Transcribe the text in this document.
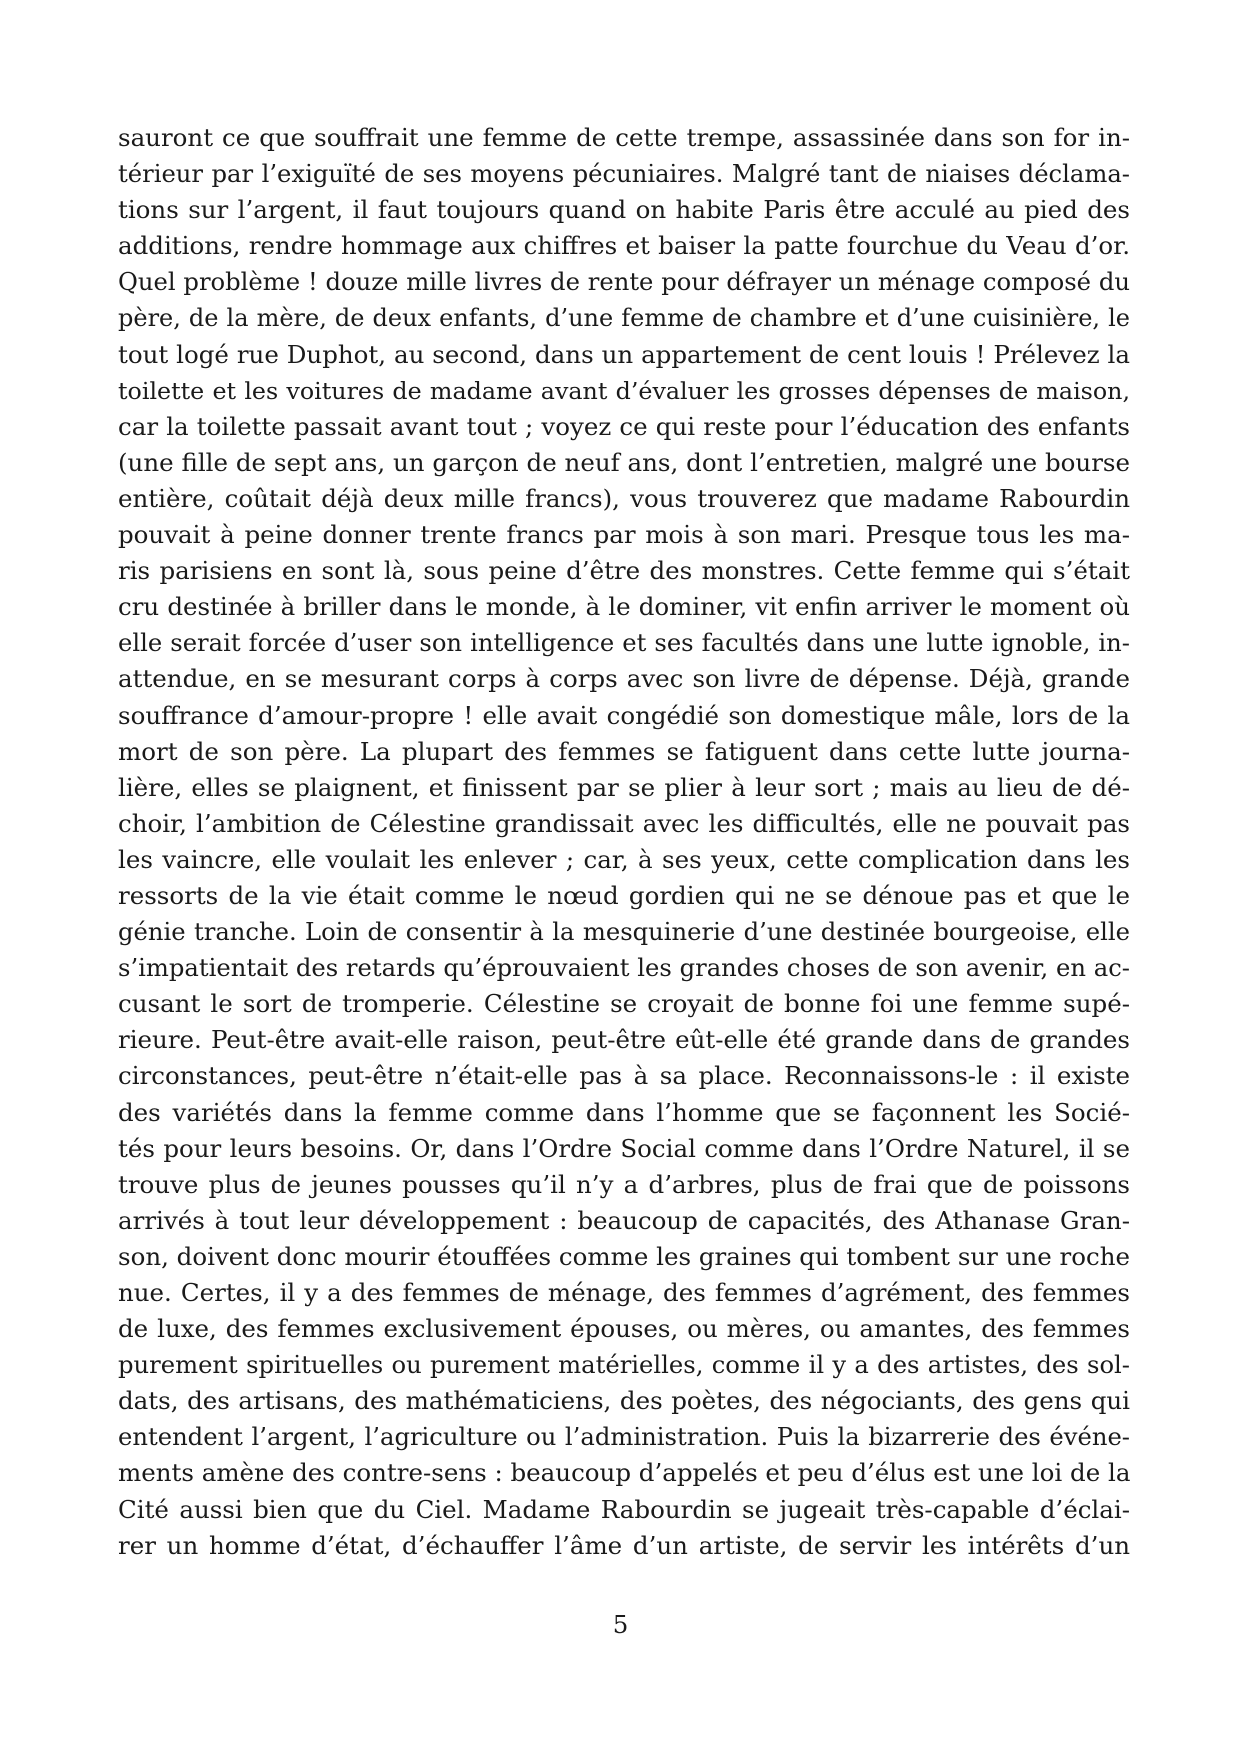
sauront ce que souffrait une femme de cette trempe, assassinée dans son for in-
térieur par l’exiguïté de ses moyens pécuniaires. Malgré tant de niaises déclama-
tions sur l’argent, il faut toujours quand on habite Paris être acculé au pied des
additions, rendre hommage aux chiffres et baiser la patte fourchue du Veau d’or.
Quel problème ! douze mille livres de rente pour défrayer un ménage composé du
père, de la mère, de deux enfants, d’une femme de chambre et d’une cuisinière, le
tout logé rue Duphot, au second, dans un appartement de cent louis ! Prélevez la
toilette et les voitures de madame avant d’évaluer les grosses dépenses de maison,
car la toilette passait avant tout ; voyez ce qui reste pour l’éducation des enfants
(une fille de sept ans, un garçon de neuf ans, dont l’entretien, malgré une bourse
entière, coûtait déjà deux mille francs), vous trouverez que madame Rabourdin
pouvait à peine donner trente francs par mois à son mari. Presque tous les ma-
ris parisiens en sont là, sous peine d’être des monstres. Cette femme qui s’était
cru destinée à briller dans le monde, à le dominer, vit enfin arriver le moment où
elle serait forcée d’user son intelligence et ses facultés dans une lutte ignoble, in-
attendue, en se mesurant corps à corps avec son livre de dépense. Déjà, grande
souffrance d’amour-propre ! elle avait congédié son domestique mâle, lors de la
mort de son père. La plupart des femmes se fatiguent dans cette lutte journa-
lière, elles se plaignent, et finissent par se plier à leur sort ; mais au lieu de dé-
choir, l’ambition de Célestine grandissait avec les difficultés, elle ne pouvait pas
les vaincre, elle voulait les enlever ; car, à ses yeux, cette complication dans les
ressorts de la vie était comme le nœud gordien qui ne se dénoue pas et que le
génie tranche. Loin de consentir à la mesquinerie d’une destinée bourgeoise, elle
s’impatientait des retards qu’éprouvaient les grandes choses de son avenir, en ac-
cusant le sort de tromperie. Célestine se croyait de bonne foi une femme supé-
rieure. Peut-être avait-elle raison, peut-être eût-elle été grande dans de grandes
circonstances, peut-être n’était-elle pas à sa place. Reconnaissons-le : il existe
des variétés dans la femme comme dans l’homme que se façonnent les Socié-
tés pour leurs besoins. Or, dans l’Ordre Social comme dans l’Ordre Naturel, il se
trouve plus de jeunes pousses qu’il n’y a d’arbres, plus de frai que de poissons
arrivés à tout leur développement : beaucoup de capacités, des Athanase Gran-
son, doivent donc mourir étouffées comme les graines qui tombent sur une roche
nue. Certes, il y a des femmes de ménage, des femmes d’agrément, des femmes
de luxe, des femmes exclusivement épouses, ou mères, ou amantes, des femmes
purement spirituelles ou purement matérielles, comme il y a des artistes, des sol-
dats, des artisans, des mathématiciens, des poètes, des négociants, des gens qui
entendent l’argent, l’agriculture ou l’administration. Puis la bizarrerie des événe-
ments amène des contre-sens : beaucoup d’appelés et peu d’élus est une loi de la
Cité aussi bien que du Ciel. Madame Rabourdin se jugeait très-capable d’éclai-
rer un homme d’état, d’échauffer l’âme d’un artiste, de servir les intérêts d’un
5
